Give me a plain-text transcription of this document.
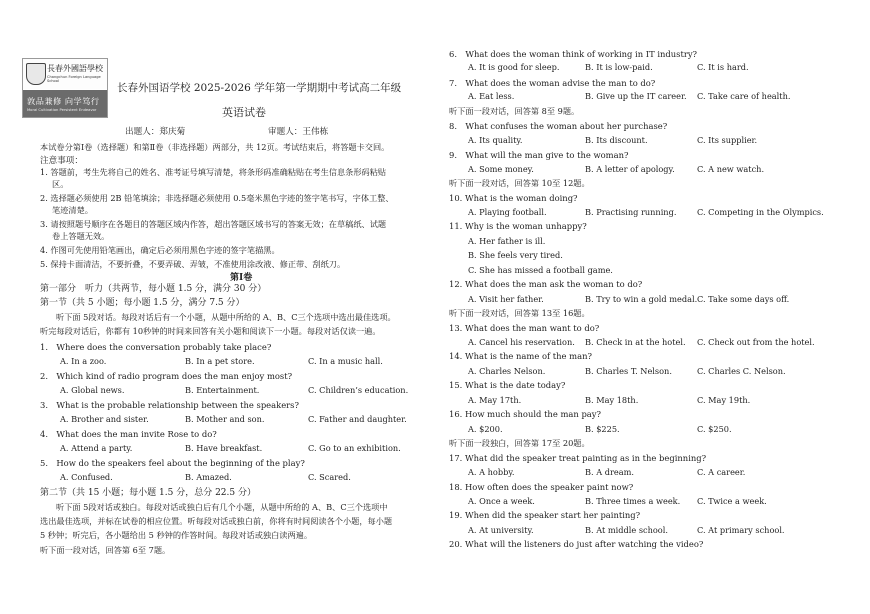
長春外國語學校
Changchun Foreign Language School
敦品兼修 向学笃行
Moral Cultivation Persistent Endeavor
长春外国语学校 2025-2026 学年第一学期期中考试高二年级
英语试卷
出题人：郑庆菊	审题人：王伟栋
本试卷分第Ⅰ卷（选择题）和第Ⅱ卷（非选择题）两部分，共 12页。考试结束后，将答题卡交回。
注意事项：
1. 答题前，考生先将自己的姓名、准考证号填写清楚，将条形码准确粘贴在考生信息条形码粘贴
区。
2. 选择题必须使用 2B 铅笔填涂；非选择题必须使用 0.5毫米黑色字迹的签字笔书写，字体工整、
笔迹清楚。
3. 请按照题号顺序在各题目的答题区域内作答，超出答题区域书写的答案无效；在草稿纸、试题
卷上答题无效。
4. 作图可先使用铅笔画出，确定后必须用黑色字迹的签字笔描黑。
5. 保持卡面清洁，不要折叠，不要弄破、弄皱，不准使用涂改液、修正带、刮纸刀。
第Ⅰ卷
第一部分　听力（共两节，每小题 1.5 分，满分 30 分）
第一节（共 5 小题；每小题 1.5 分，满分 7.5 分）
听下面 5段对话。每段对话后有一个小题，从题中所给的 A、B、C三个选项中选出最佳选项。
听完每段对话后，你都有 10秒钟的时间来回答有关小题和阅读下一小题。每段对话仅读一遍。
1.　Where does the conversation probably take place?
A. In a zoo.	B. In a pet store.	C. In a music hall.
2.　Which kind of radio program does the man enjoy most?
A. Global news.	B. Entertainment.	C. Children’s education.
3.　What is the probable relationship between the speakers?
A. Brother and sister.	B. Mother and son.	C. Father and daughter.
4.　What does the man invite Rose to do?
A. Attend a party.	B. Have breakfast.	C. Go to an exhibition.
5.　How do the speakers feel about the beginning of the play?
A. Confused.	B. Amazed.	C. Scared.
第二节（共 15 小题；每小题 1.5 分，总分 22.5 分）
听下面 5段对话或独白。每段对话或独白后有几个小题，从题中所给的 A、B、C三个选项中
选出最佳选项，并标在试卷的相应位置。听每段对话或独白前，你将有时间阅读各个小题，每小题
5 秒钟；听完后，各小题给出 5 秒钟的作答时间。每段对话或独白读两遍。
听下面一段对话，回答第 6至 7题。
6.　What does the woman think of working in IT industry?
A. It is good for sleep.	B. It is low-paid.	C. It is hard.
7.　What does the woman advise the man to do?
A. Eat less.	B. Give up the IT career. C. Take care of health.
听下面一段对话，回答第 8至 9题。
8.　What confuses the woman about her purchase?
A. Its quality.	B. Its discount.	C. Its supplier.
9.　What will the man give to the woman?
A. Some money.	B. A letter of apology.	C. A new watch.
听下面一段对话，回答第 10至 12题。
10. What is the woman doing?
A. Playing football.	B. Practising running.	C. Competing in the Olympics.
11. Why is the woman unhappy?
A. Her father is ill.
B. She feels very tired.
C. She has missed a football game.
12. What does the man ask the woman to do?
A. Visit her father.	B. Try to win a gold medal. C. Take some days off.
听下面一段对话，回答第 13至 16题。
13. What does the man want to do?
A. Cancel his reservation. B. Check in at the hotel. C. Check out from the hotel.
14. What is the name of the man?
A. Charles Nelson.	B. Charles T. Nelson.	C. Charles C. Nelson.
15. What is the date today?
A. May 17th.	B. May 18th.	C. May 19th.
16. How much should the man pay?
A. $200.	B. $225.	C. $250.
听下面一段独白，回答第 17至 20题。
17. What did the speaker treat painting as in the beginning?
A. A hobby.	B. A dream.	C. A career.
18. How often does the speaker paint now?
A. Once a week.	B. Three times a week. C. Twice a week.
19. When did the speaker start her painting?
A. At university.	B. At middle school.	C. At primary school.
20. What will the listeners do just after watching the video?
